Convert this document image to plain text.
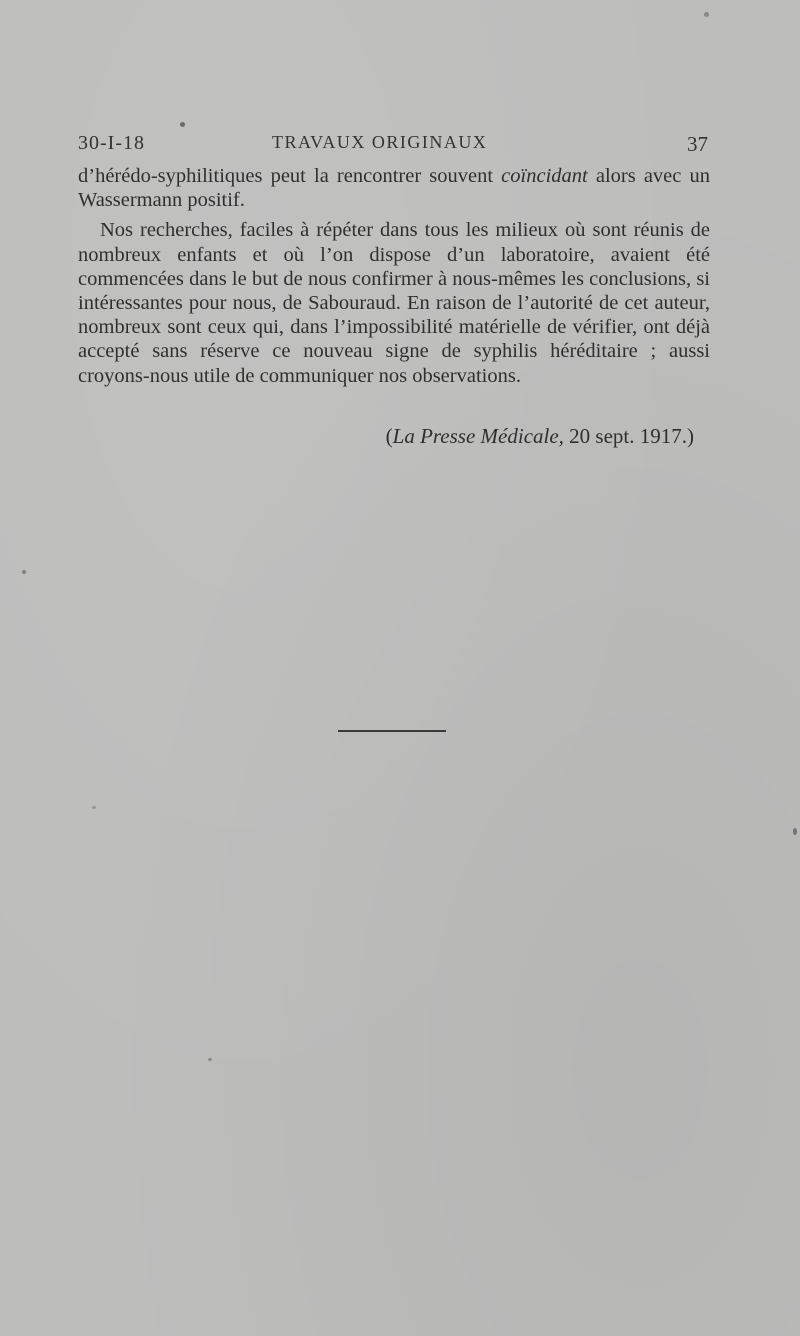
30-I-18	TRAVAUX ORIGINAUX	37

d’hérédo-syphilitiques peut la rencontrer souvent coïncidant alors avec un Wassermann positif.

Nos recherches, faciles à répéter dans tous les milieux où sont réunis de nombreux enfants et où l’on dispose d’un laboratoire, avaient été commencées dans le but de nous confirmer à nous-mêmes les conclusions, si intéressantes pour nous, de Sabouraud. En raison de l’autorité de cet auteur, nombreux sont ceux qui, dans l’impossibilité matérielle de vérifier, ont déjà accepté sans réserve ce nouveau signe de syphilis héréditaire ; aussi croyons-nous utile de communiquer nos observations.

(La Presse Médicale, 20 sept. 1917.)
